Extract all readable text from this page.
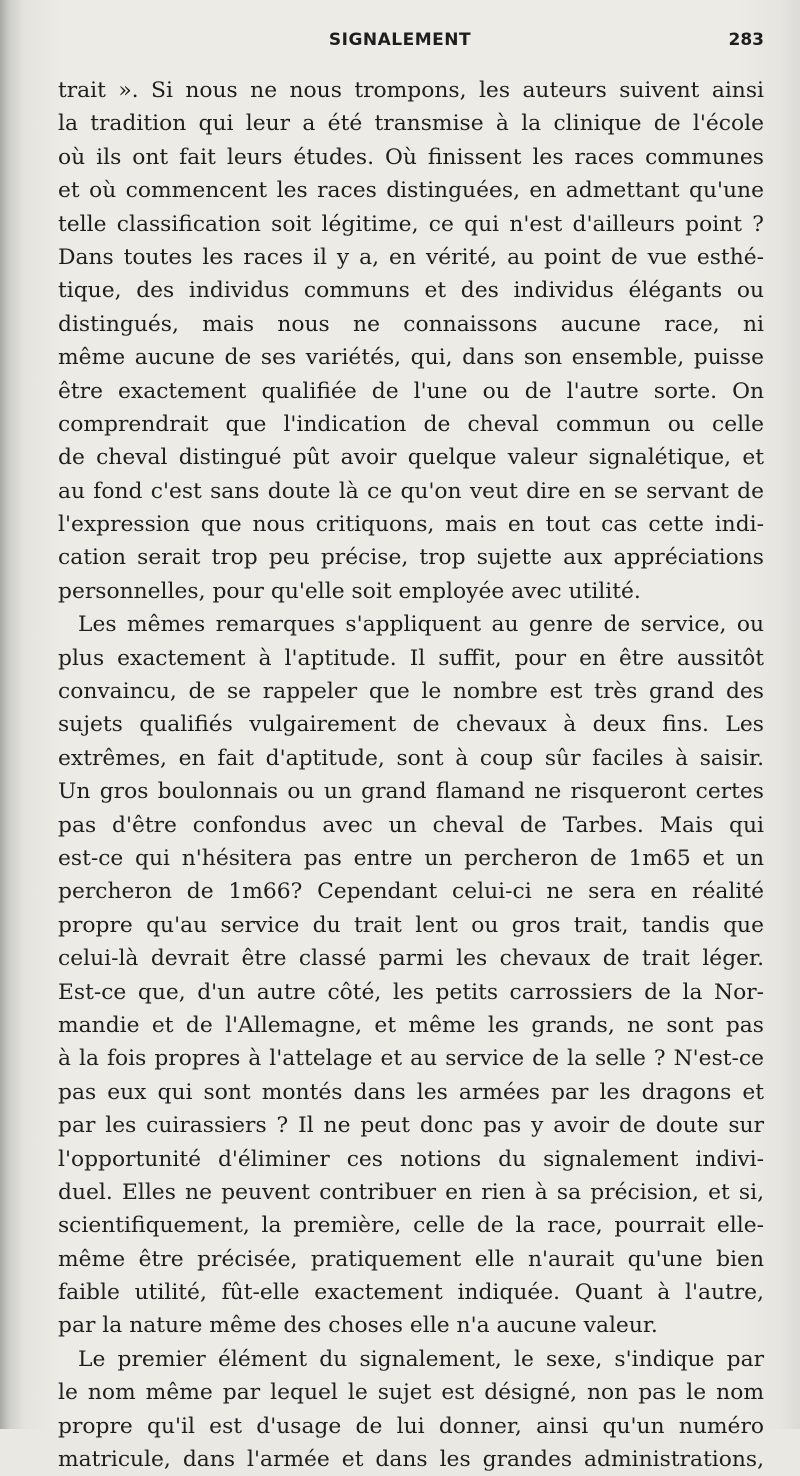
SIGNALEMENT	283
trait ». Si nous ne nous trompons, les auteurs suivent ainsi
la tradition qui leur a été transmise à la clinique de l'école
où ils ont fait leurs études. Où finissent les races communes
et où commencent les races distinguées, en admettant qu'une
telle classification soit légitime, ce qui n'est d'ailleurs point ?
Dans toutes les races il y a, en vérité, au point de vue esthé-
tique, des individus communs et des individus élégants ou
distingués, mais nous ne connaissons aucune race, ni
même aucune de ses variétés, qui, dans son ensemble, puisse
être exactement qualifiée de l'une ou de l'autre sorte. On
comprendrait que l'indication de cheval commun ou celle
de cheval distingué pût avoir quelque valeur signalétique, et
au fond c'est sans doute là ce qu'on veut dire en se servant de
l'expression que nous critiquons, mais en tout cas cette indi-
cation serait trop peu précise, trop sujette aux appréciations
personnelles, pour qu'elle soit employée avec utilité.
Les mêmes remarques s'appliquent au genre de service, ou
plus exactement à l'aptitude. Il suffit, pour en être aussitôt
convaincu, de se rappeler que le nombre est très grand des
sujets qualifiés vulgairement de chevaux à deux fins. Les
extrêmes, en fait d'aptitude, sont à coup sûr faciles à saisir.
Un gros boulonnais ou un grand flamand ne risqueront certes
pas d'être confondus avec un cheval de Tarbes. Mais qui
est-ce qui n'hésitera pas entre un percheron de 1m65 et un
percheron de 1m66? Cependant celui-ci ne sera en réalité
propre qu'au service du trait lent ou gros trait, tandis que
celui-là devrait être classé parmi les chevaux de trait léger.
Est-ce que, d'un autre côté, les petits carrossiers de la Nor-
mandie et de l'Allemagne, et même les grands, ne sont pas
à la fois propres à l'attelage et au service de la selle ? N'est-ce
pas eux qui sont montés dans les armées par les dragons et
par les cuirassiers ? Il ne peut donc pas y avoir de doute sur
l'opportunité d'éliminer ces notions du signalement indivi-
duel. Elles ne peuvent contribuer en rien à sa précision, et si,
scientifiquement, la première, celle de la race, pourrait elle-
même être précisée, pratiquement elle n'aurait qu'une bien
faible utilité, fût-elle exactement indiquée. Quant à l'autre,
par la nature même des choses elle n'a aucune valeur.
Le premier élément du signalement, le sexe, s'indique par
le nom même par lequel le sujet est désigné, non pas le nom
propre qu'il est d'usage de lui donner, ainsi qu'un numéro
matricule, dans l'armée et dans les grandes administrations,
